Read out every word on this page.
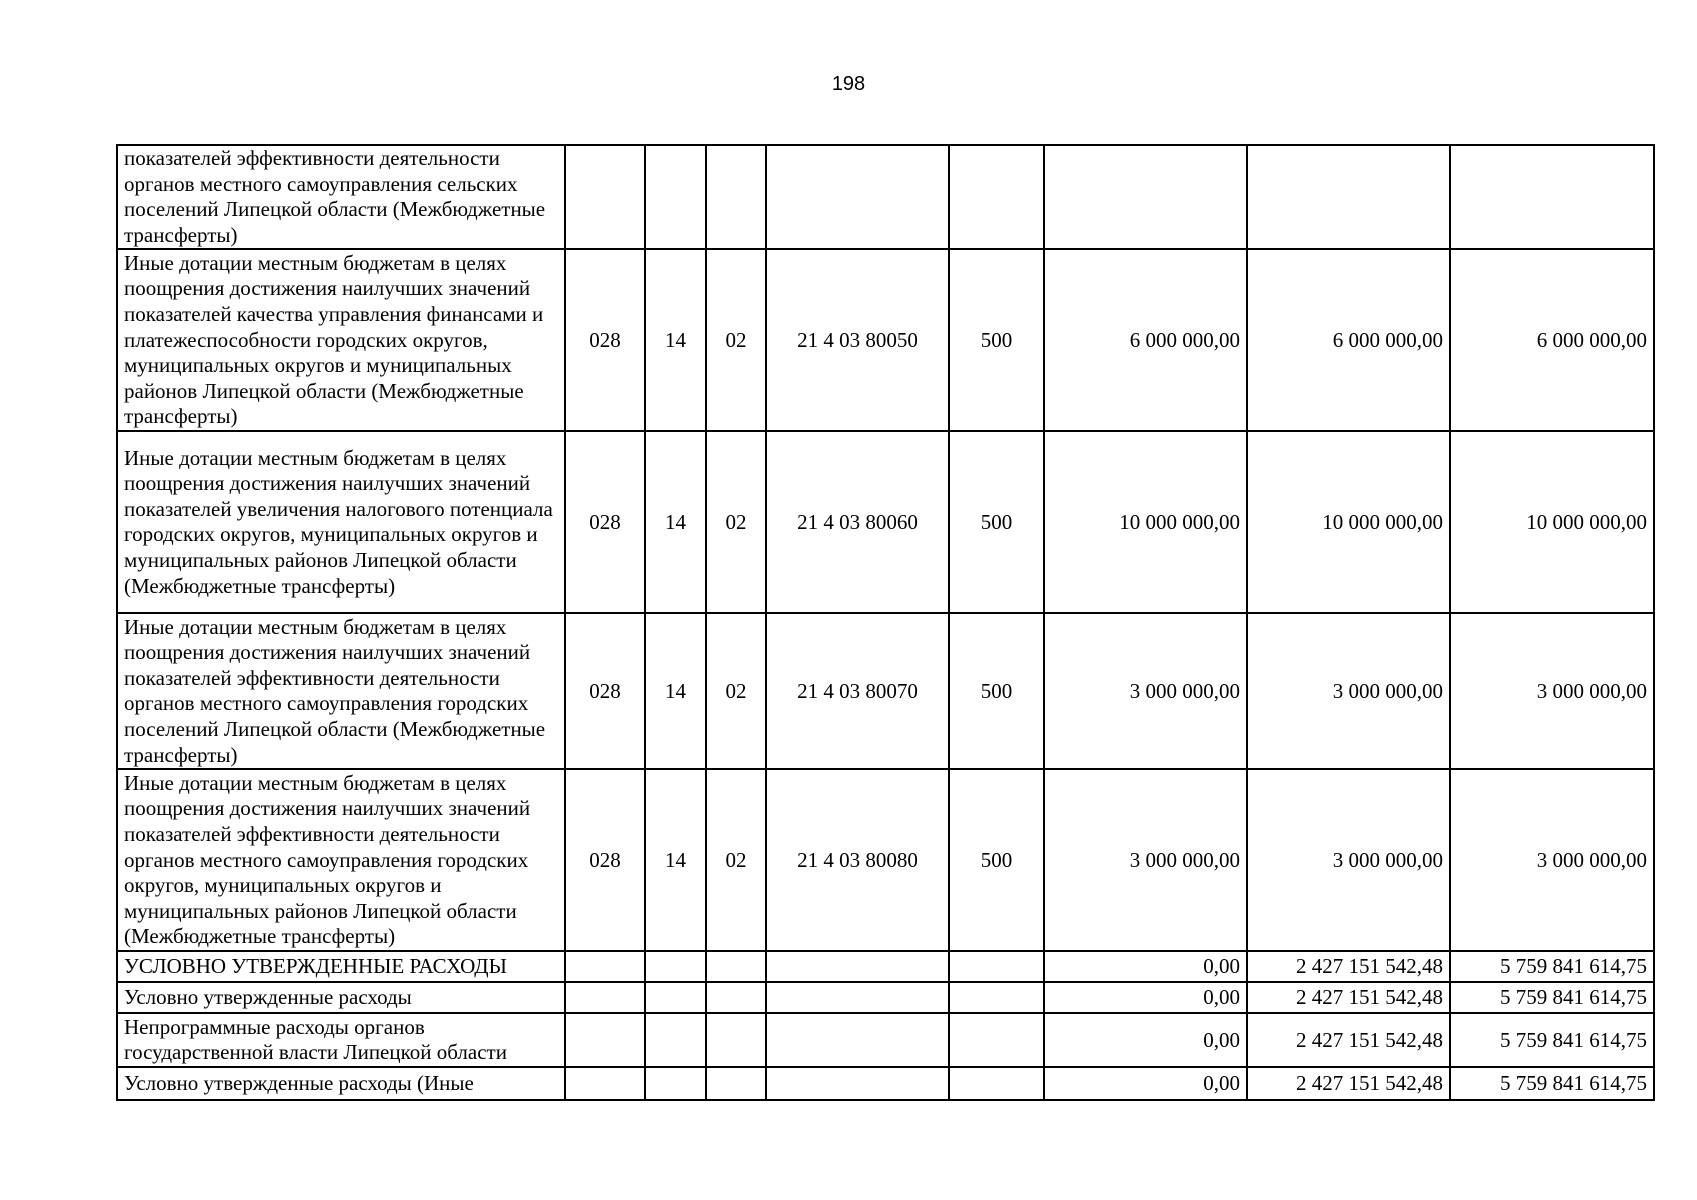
198
показателей эффективности деятельности органов местного самоуправления сельских поселений Липецкой области (Межбюджетные трансферты)								
Иные дотации местным бюджетам в целях поощрения достижения наилучших значений показателей качества управления финансами и платежеспособности городских округов, муниципальных округов и муниципальных районов Липецкой области (Межбюджетные трансферты)	028	14	02	21 4 03 80050	500	6 000 000,00	6 000 000,00	6 000 000,00
Иные дотации местным бюджетам в целях поощрения достижения наилучших значений показателей увеличения налогового потенциала городских округов, муниципальных округов и муниципальных районов Липецкой области (Межбюджетные трансферты)	028	14	02	21 4 03 80060	500	10 000 000,00	10 000 000,00	10 000 000,00
Иные дотации местным бюджетам в целях поощрения достижения наилучших значений показателей эффективности деятельности органов местного самоуправления городских поселений Липецкой области (Межбюджетные трансферты)	028	14	02	21 4 03 80070	500	3 000 000,00	3 000 000,00	3 000 000,00
Иные дотации местным бюджетам в целях поощрения достижения наилучших значений показателей эффективности деятельности органов местного самоуправления городских округов, муниципальных округов и муниципальных районов Липецкой области (Межбюджетные трансферты)	028	14	02	21 4 03 80080	500	3 000 000,00	3 000 000,00	3 000 000,00
УСЛОВНО УТВЕРЖДЕННЫЕ РАСХОДЫ						0,00	2 427 151 542,48	5 759 841 614,75
Условно утвержденные расходы						0,00	2 427 151 542,48	5 759 841 614,75
Непрограммные расходы органов государственной власти Липецкой области						0,00	2 427 151 542,48	5 759 841 614,75
Условно утвержденные расходы (Иные						0,00	2 427 151 542,48	5 759 841 614,75
